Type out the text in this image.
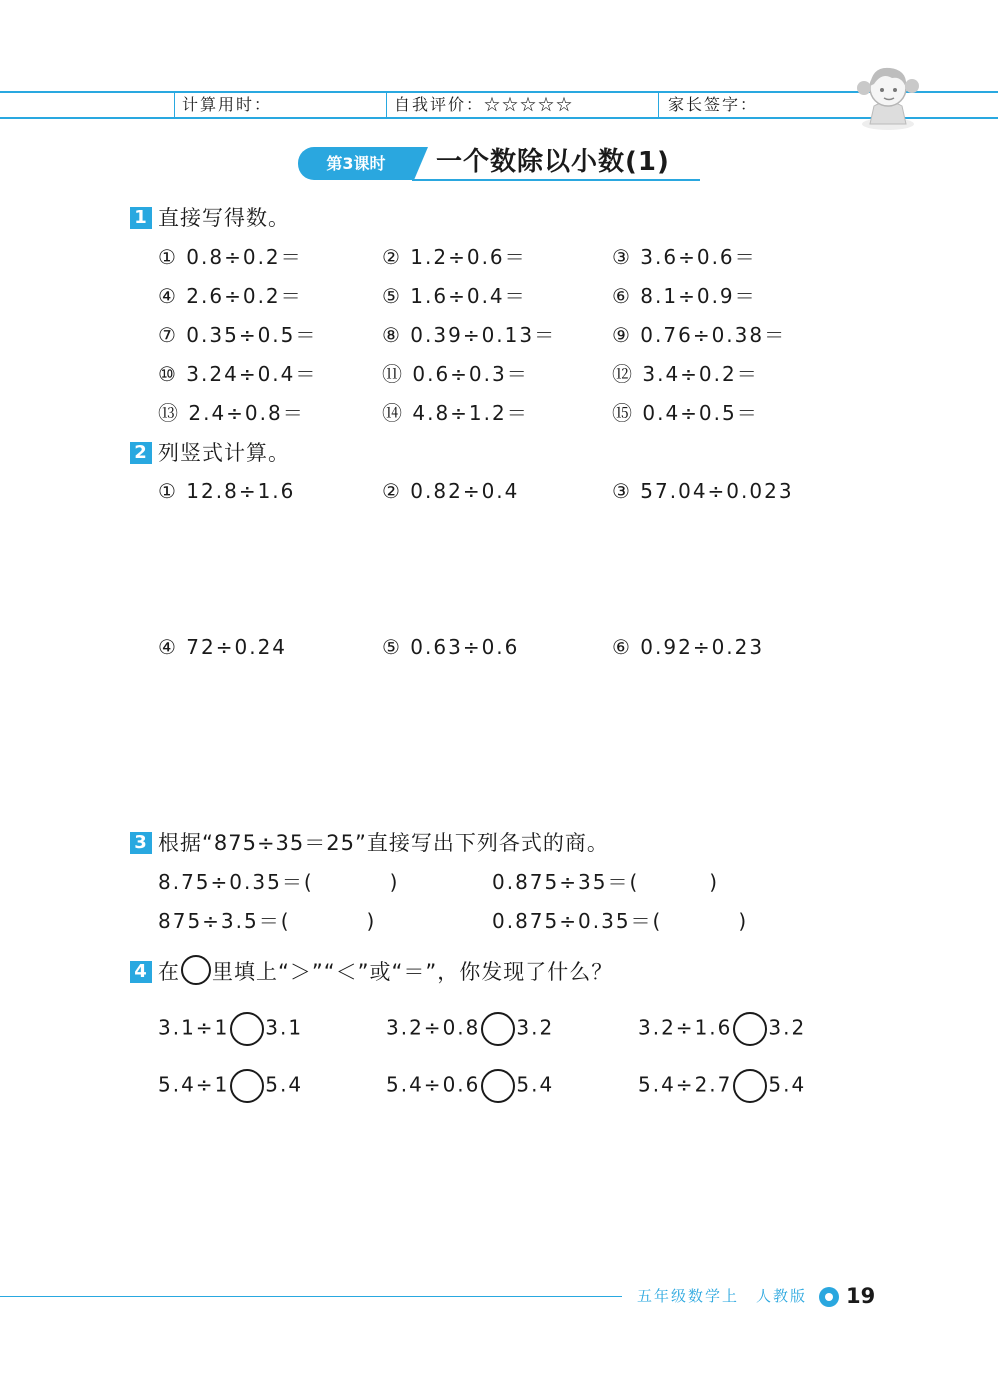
计算用时：	自我评价：☆☆☆☆☆	家长签字：
第3课时	一个数除以小数(1)
1 直接写得数。
① 0.8÷0.2＝	② 1.2÷0.6＝	③ 3.6÷0.6＝
④ 2.6÷0.2＝	⑤ 1.6÷0.4＝	⑥ 8.1÷0.9＝
⑦ 0.35÷0.5＝	⑧ 0.39÷0.13＝	⑨ 0.76÷0.38＝
⑩ 3.24÷0.4＝	⑪ 0.6÷0.3＝	⑫ 3.4÷0.2＝
⑬ 2.4÷0.8＝	⑭ 4.8÷1.2＝	⑮ 0.4÷0.5＝
2 列竖式计算。
① 12.8÷1.6	② 0.82÷0.4	③ 57.04÷0.023
④ 72÷0.24	⑤ 0.63÷0.6	⑥ 0.92÷0.23
3 根据“875÷35＝25”直接写出下列各式的商。
8.75÷0.35＝(	)	0.875÷35＝(	)
875÷3.5＝(	)	0.875÷0.35＝(	)
4 在 里填上“＞”“＜”或“＝”，你发现了什么？
3.1÷1 3.1	3.2÷0.8 3.2	3.2÷1.6 3.2
5.4÷1 5.4	5.4÷0.6 5.4	5.4÷2.7 5.4
五年级数学上　人教版 19
